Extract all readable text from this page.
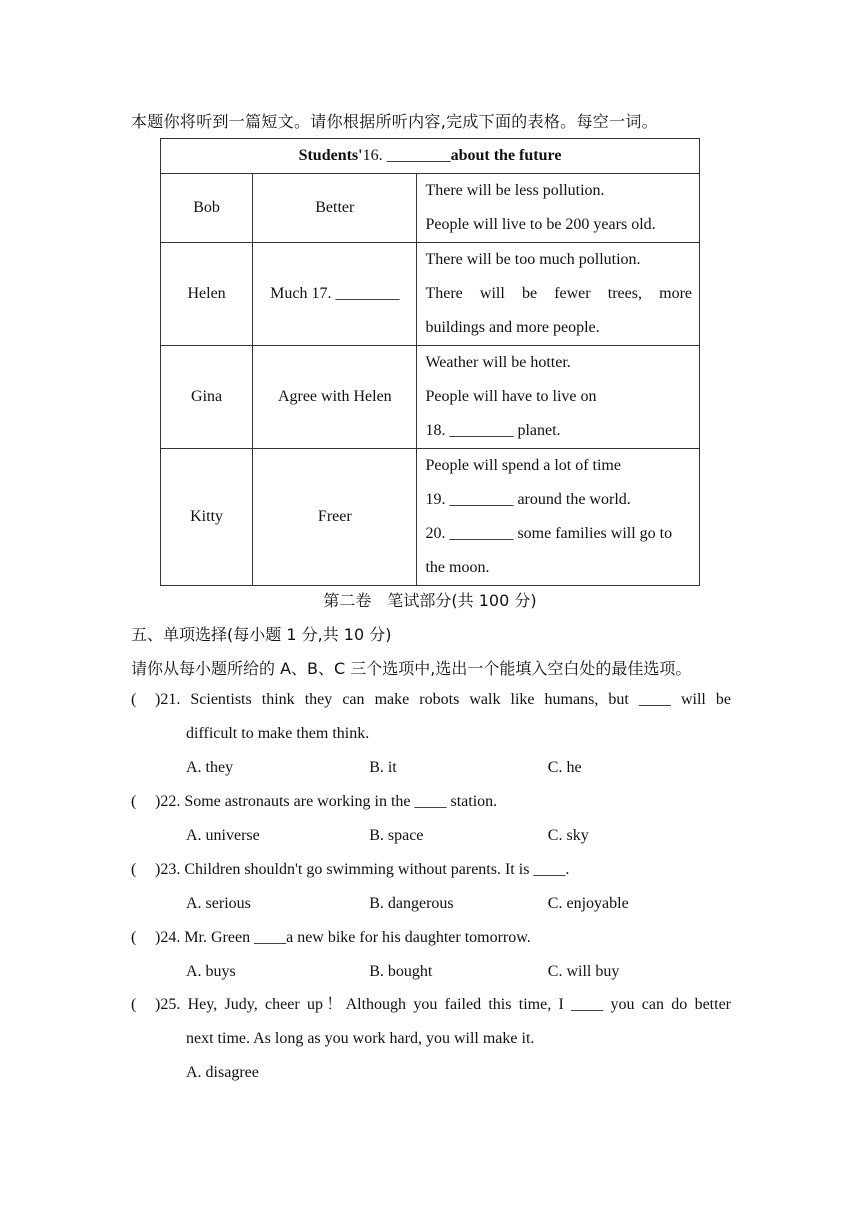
本题你将听到一篇短文。请你根据所听内容,完成下面的表格。每空一词。
Students'16. ________about the future		
Bob	Better	There will be less pollution.
People will live to be 200 years old.

Helen	Much 17. ________	There will be too much pollution.
There will be fewer trees, more
buildings and more people.

Gina	Agree with Helen	Weather will be hotter.
People will have to live on
18. ________ planet.

Kitty	Freer	People will spend a lot of time
19. ________ around the world.
20. ________ some families will go to
the moon.
第二卷　笔试部分(共 100 分)
五、单项选择(每小题 1 分,共 10 分)
请你从每小题所给的 A、B、C 三个选项中,选出一个能填入空白处的最佳选项。
(	)21. Scientists think they can make robots walk like humans, but ____ will be
difficult to make them think.
A. they	B. it	C. he
(	)22. Some astronauts are working in the ____ station.
A. universe	B. space	C. sky
(	)23. Children shouldn't go swimming without parents. It is ____.
A. serious	B. dangerous	C. enjoyable
(	)24. Mr. Green ____a new bike for his daughter tomorrow.
A. buys	B. bought	C. will buy
(	)25. Hey, Judy, cheer up！Although you failed this time, I ____ you can do better
next time. As long as you work hard, you will make it.
A. disagree
